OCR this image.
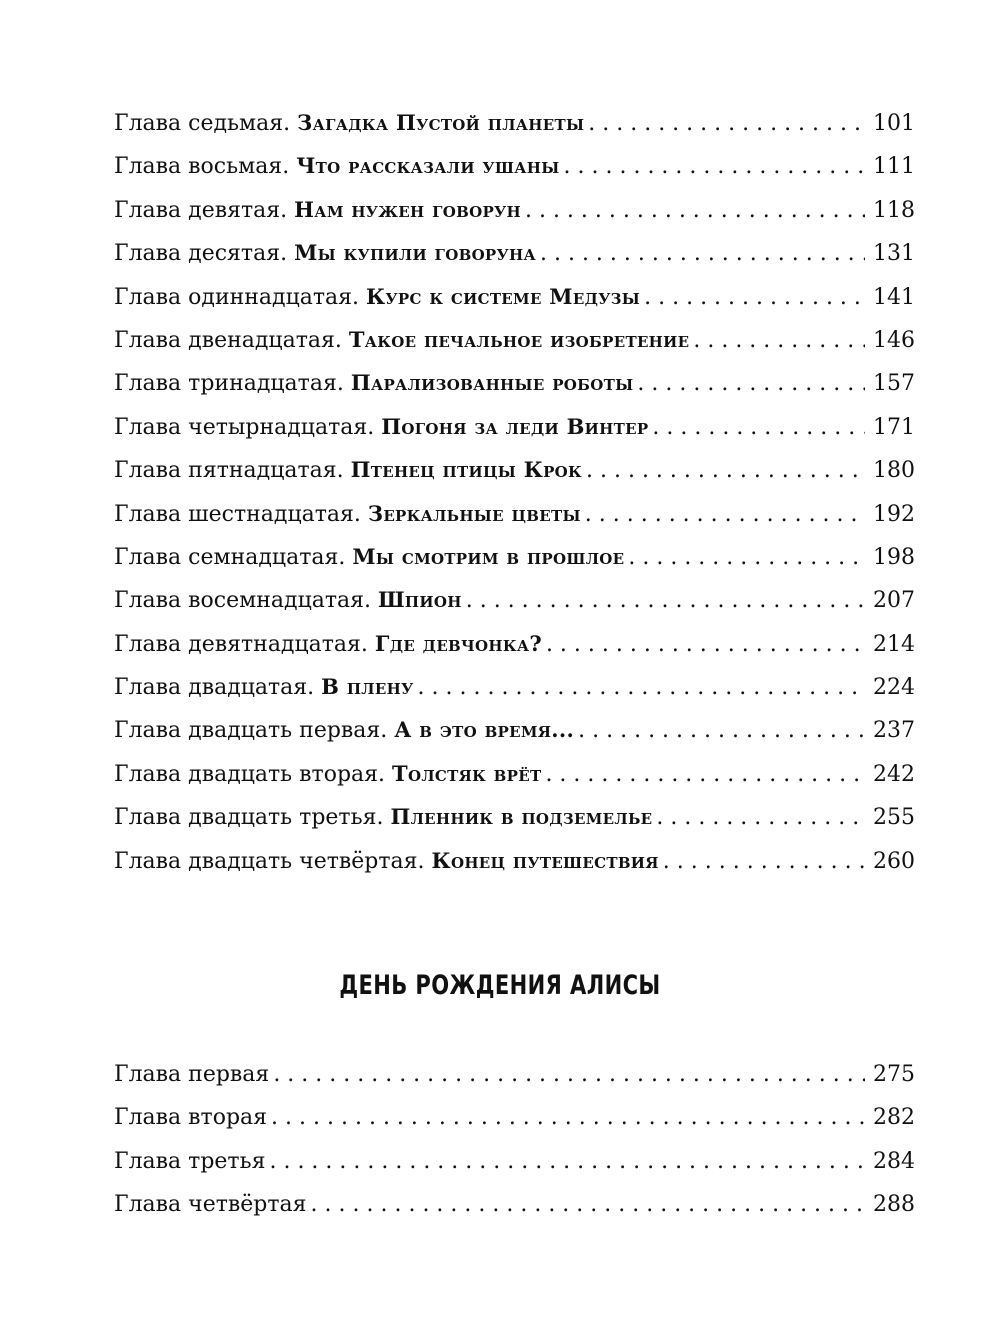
Глава седьмая.
Загадка Пустой планеты . . .	101
Глава восьмая.
Что рассказали ушаны . . .	111
Глава девятая.
Нам нужен говорун . . .	118
Глава десятая.
Мы купили говоруна . . .	131
Глава одиннадцатая.
Курс к системе Медузы . . .	141
Глава двенадцатая.
Такое печальное изобретение . . .	146
Глава тринадцатая.
Парализованные роботы . . .	157
Глава четырнадцатая.
Погоня за леди Винтер . . .	171
Глава пятнадцатая.
Птенец птицы Крок . . .	180
Глава шестнадцатая.
Зеркальные цветы . . .	192
Глава семнадцатая.
Мы смотрим в прошлое . . .	198
Глава восемнадцатая.
Шпион . . .	207
Глава девятнадцатая.
Где девчонка? . . .	214
Глава двадцатая.
В плену . . .	224
Глава двадцать первая.
А в это время... . . .	237
Глава двадцать вторая.
Толстяк врёт . . .	242
Глава двадцать третья.
Пленник в подземелье . . .	255
Глава двадцать четвёртая.
Конец путешествия . . .	260
ДЕНЬ РОЖДЕНИЯ АЛИСЫ
Глава первая . . .	275
Глава вторая . . .	282
Глава третья . . .	284
Глава четвёртая . . .	288
